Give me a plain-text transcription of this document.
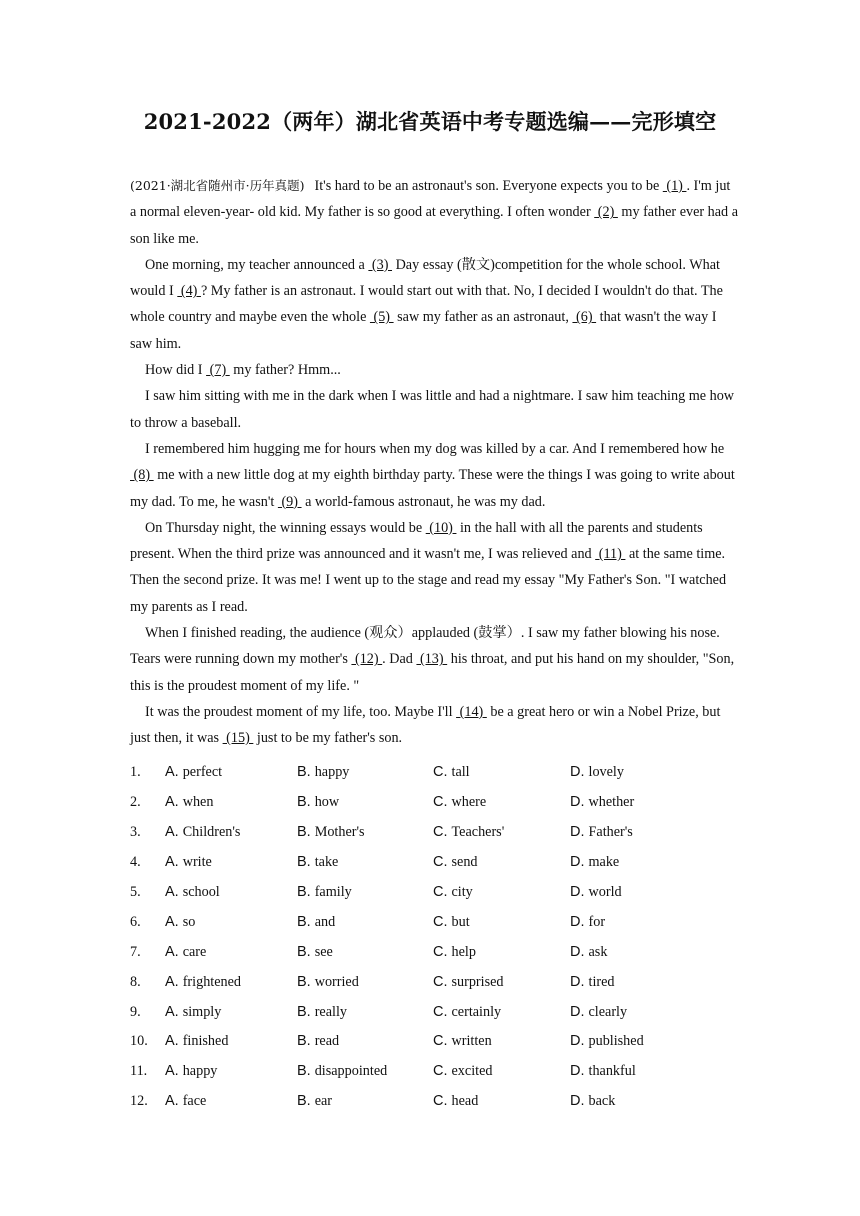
2021-2022（两年）湖北省英语中考专题选编——完形填空

(2021·湖北省随州市·历年真题) It's hard to be an astronaut's son. Everyone expects you to be  (1) . I'm jut a normal eleven-year- old kid. My father is so good at everything. I often wonder  (2)  my father ever had a son like me.

One morning, my teacher announced a  (3)  Day essay (散文)competition for the whole school. What would I  (4) ? My father is an astronaut. I would start out with that. No, I decided I wouldn't do that. The whole country and maybe even the whole  (5)  saw my father as an astronaut,  (6)  that wasn't the way I saw him.

How did I  (7)  my father? Hmm...

I saw him sitting with me in the dark when I was little and had a nightmare. I saw him teaching me how to throw a baseball.

I remembered him hugging me for hours when my dog was killed by a car. And I remembered how he  (8)  me with a new little dog at my eighth birthday party. These were the things I was going to write about my dad. To me, he wasn't  (9)  a world-famous astronaut, he was my dad.

On Thursday night, the winning essays would be  (10)  in the hall with all the parents and students present. When the third prize was announced and it wasn't me, I was relieved and  (11)  at the same time. Then the second prize. It was me! I went up to the stage and read my essay "My Father's Son. "I watched my parents as I read.

When I finished reading, the audience (观众）applauded (鼓掌）. I saw my father blowing his nose. Tears were running down my mother's  (12) . Dad  (13)  his throat, and put his hand on my shoulder, "Son, this is the proudest moment of my life. "

It was the proudest moment of my life, too. Maybe I'll  (14)  be a great hero or win a Nobel Prize, but just then, it was  (15)  just to be my father's son.

1. A. perfect	B. happy	C. tall	D. lovely
2. A. when	B. how	C. where	D. whether
3. A. Children's	B. Mother's	C. Teachers'	D. Father's
4. A. write	B. take	C. send	D. make
5. A. school	B. family	C. city	D. world
6. A. so	B. and	C. but	D. for
7. A. care	B. see	C. help	D. ask
8. A. frightened	B. worried	C. surprised	D. tired
9. A. simply	B. really	C. certainly	D. clearly
10. A. finished	B. read	C. written	D. published
11. A. happy	B. disappointed	C. excited	D. thankful
12. A. face	B. ear	C. head	D. back
